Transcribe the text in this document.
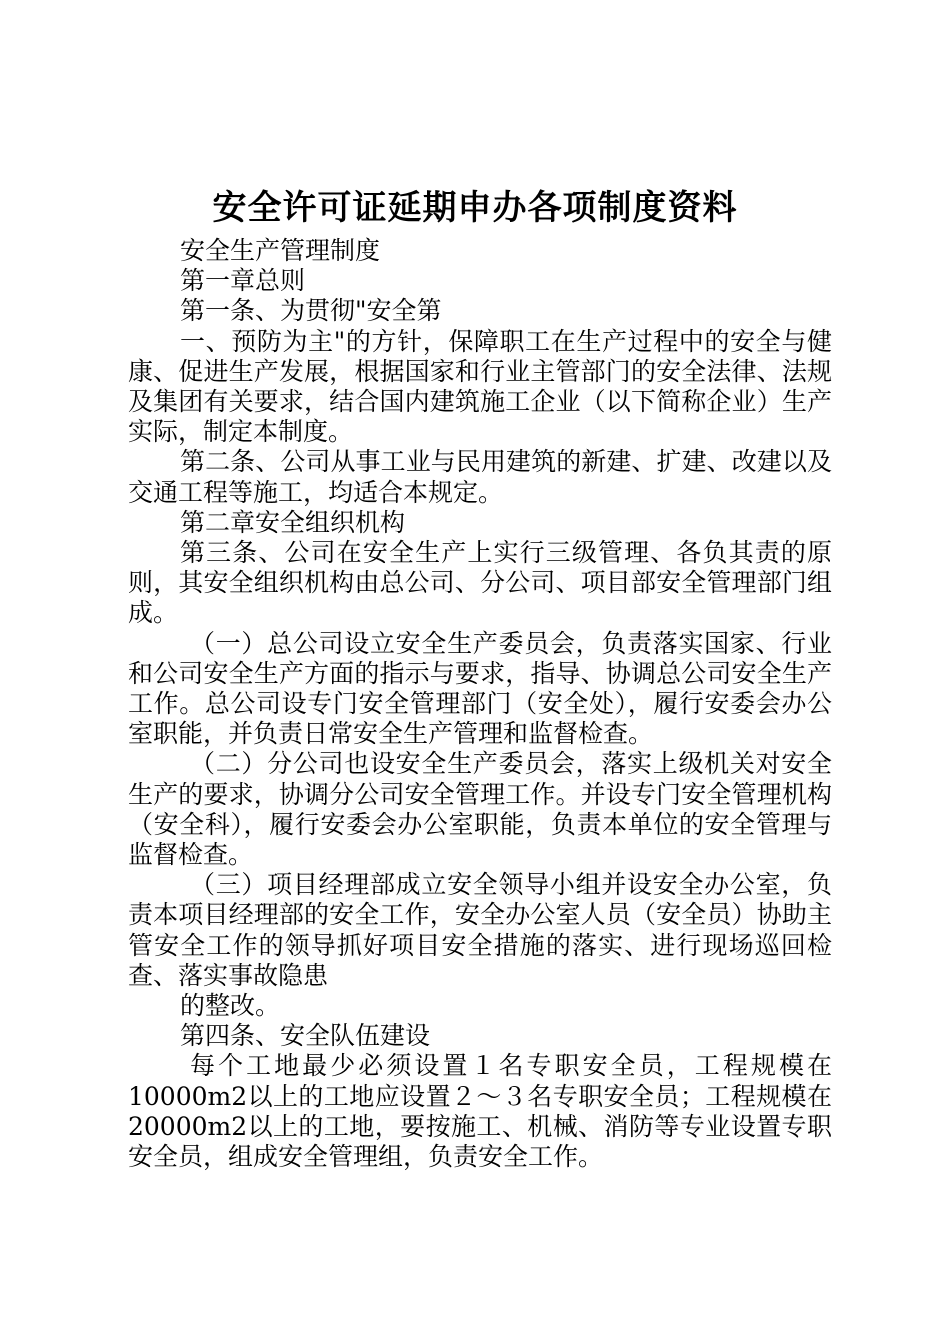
安全许可证延期申办各项制度资料

安全生产管理制度

第一章总则

第一条、为贯彻"安全第

一、预防为主"的方针，保障职工在生产过程中的安全与健康、促进生产发展，根据国家和行业主管部门的安全法律、法规及集团有关要求，结合国内建筑施工企业（以下简称企业）生产实际，制定本制度。

第二条、公司从事工业与民用建筑的新建、扩建、改建以及交通工程等施工，均适合本规定。

第二章安全组织机构

第三条、公司在安全生产上实行三级管理、各负其责的原则，其安全组织机构由总公司、分公司、项目部安全管理部门组成。

（一）总公司设立安全生产委员会，负责落实国家、行业和公司安全生产方面的指示与要求，指导、协调总公司安全生产工作。总公司设专门安全管理部门（安全处），履行安委会办公室职能，并负责日常安全生产管理和监督检查。

（二）分公司也设安全生产委员会，落实上级机关对安全生产的要求，协调分公司安全管理工作。并设专门安全管理机构（安全科），履行安委会办公室职能，负责本单位的安全管理与监督检查。

（三）项目经理部成立安全领导小组并设安全办公室，负责本项目经理部的安全工作，安全办公室人员（安全员）协助主管安全工作的领导抓好项目安全措施的落实、进行现场巡回检查、落实事故隐患

的整改。

第四条、安全队伍建设

每个工地最少必须设置１名专职安全员，工程规模在10000m2以上的工地应设置２～３名专职安全员；工程规模在20000m2以上的工地，要按施工、机械、消防等专业设置专职安全员，组成安全管理组，负责安全工作。
